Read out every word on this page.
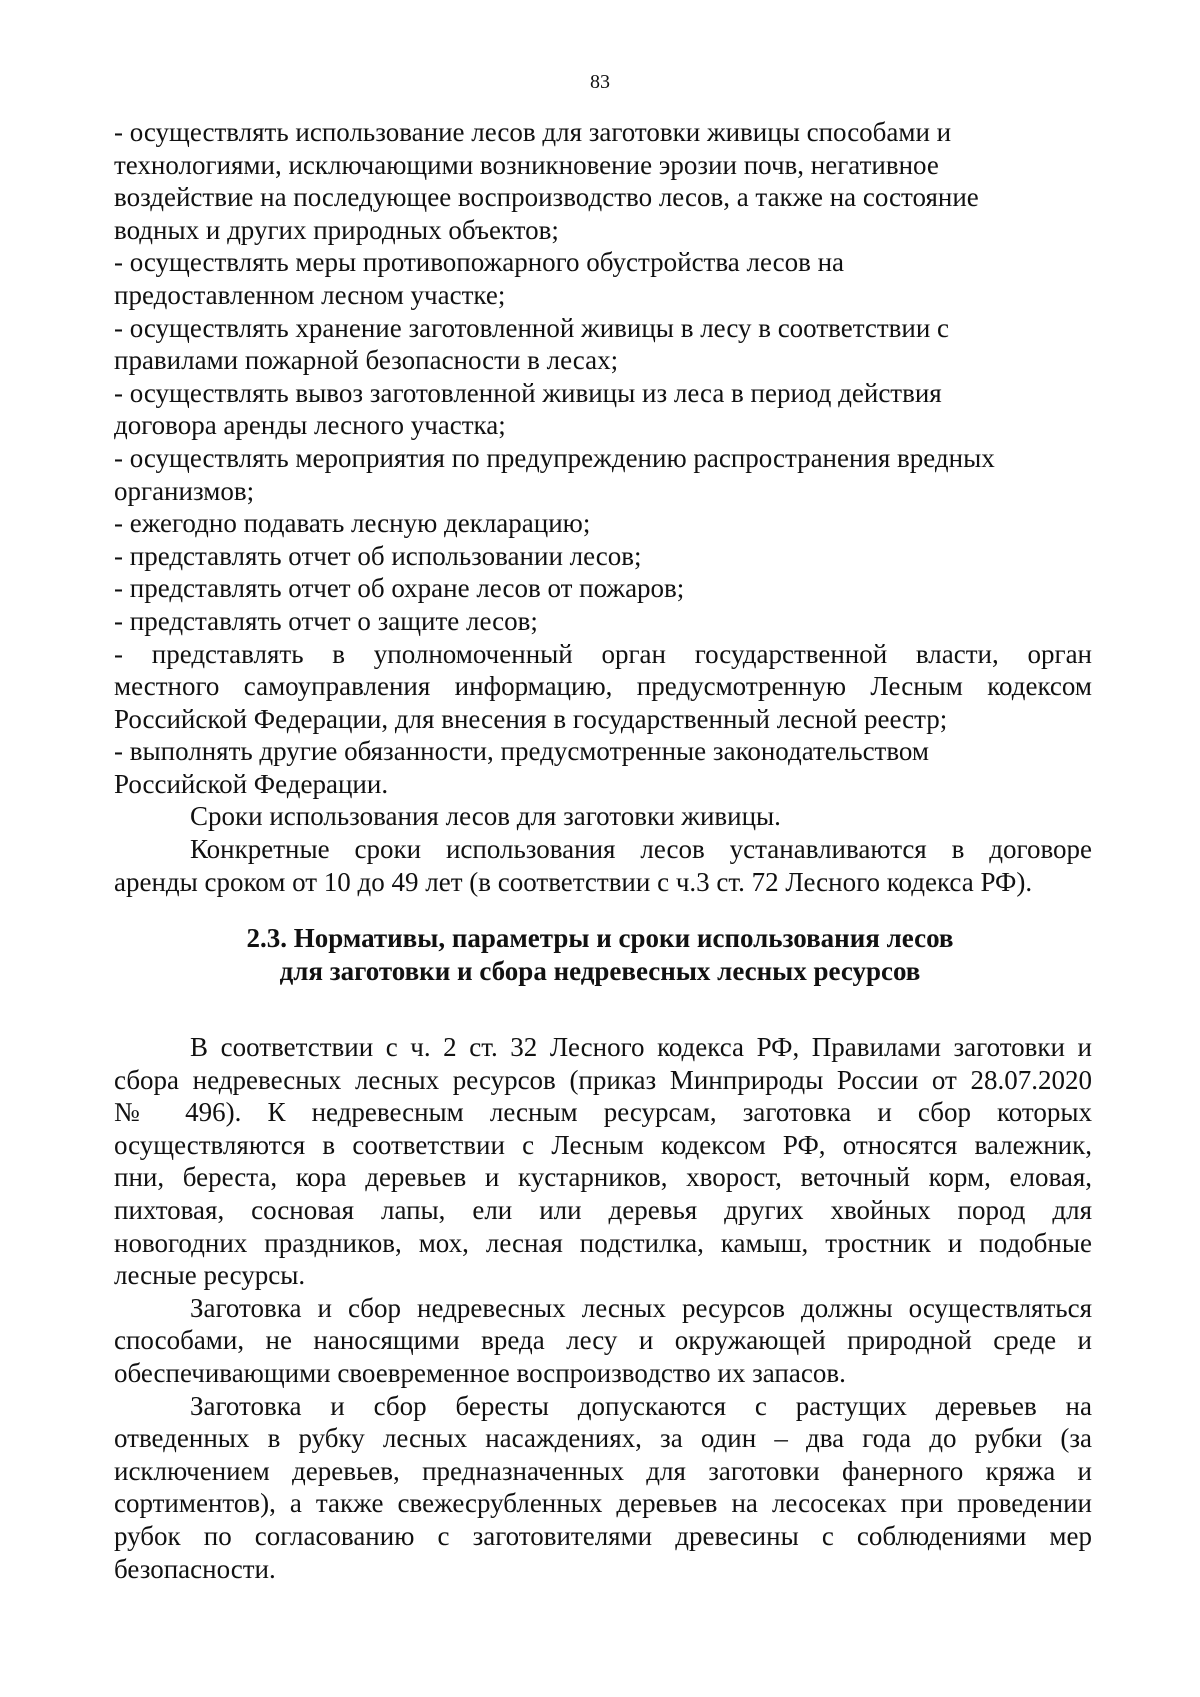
83
- осуществлять использование лесов для заготовки живицы способами и
технологиями, исключающими возникновение эрозии почв, негативное
воздействие на последующее воспроизводство лесов, а также на состояние
водных и других природных объектов;
- осуществлять меры противопожарного обустройства лесов на
предоставленном лесном участке;
- осуществлять хранение заготовленной живицы в лесу в соответствии с
правилами пожарной безопасности в лесах;
- осуществлять вывоз заготовленной живицы из леса в период действия
договора аренды лесного участка;
- осуществлять мероприятия по предупреждению распространения вредных
организмов;
- ежегодно подавать лесную декларацию;
- представлять отчет об использовании лесов;
- представлять отчет об охране лесов от пожаров;
- представлять отчет о защите лесов;
- представлять в уполномоченный орган государственной власти, орган
местного самоуправления информацию, предусмотренную Лесным кодексом
Российской Федерации, для внесения в государственный лесной реестр;
- выполнять другие обязанности, предусмотренные законодательством
Российской Федерации.
Сроки использования лесов для заготовки живицы.
Конкретные сроки использования лесов устанавливаются в договоре
аренды сроком от 10 до 49 лет (в соответствии с ч.3 ст. 72 Лесного кодекса РФ).
2.3. Нормативы, параметры и сроки использования лесов
для заготовки и сбора недревесных лесных ресурсов
В соответствии с ч. 2 ст. 32 Лесного кодекса РФ, Правилами заготовки и
сбора недревесных лесных ресурсов (приказ Минприроды России от 28.07.2020
№ 496). К недревесным лесным ресурсам, заготовка и сбор которых
осуществляются в соответствии с Лесным кодексом РФ, относятся валежник,
пни, береста, кора деревьев и кустарников, хворост, веточный корм, еловая,
пихтовая, сосновая лапы, ели или деревья других хвойных пород для
новогодних праздников, мох, лесная подстилка, камыш, тростник и подобные
лесные ресурсы.
Заготовка и сбор недревесных лесных ресурсов должны осуществляться
способами, не наносящими вреда лесу и окружающей природной среде и
обеспечивающими своевременное воспроизводство их запасов.
Заготовка и сбор бересты допускаются с растущих деревьев на
отведенных в рубку лесных насаждениях, за один – два года до рубки (за
исключением деревьев, предназначенных для заготовки фанерного кряжа и
сортиментов), а также свежесрубленных деревьев на лесосеках при проведении
рубок по согласованию с заготовителями древесины с соблюдениями мер
безопасности.
